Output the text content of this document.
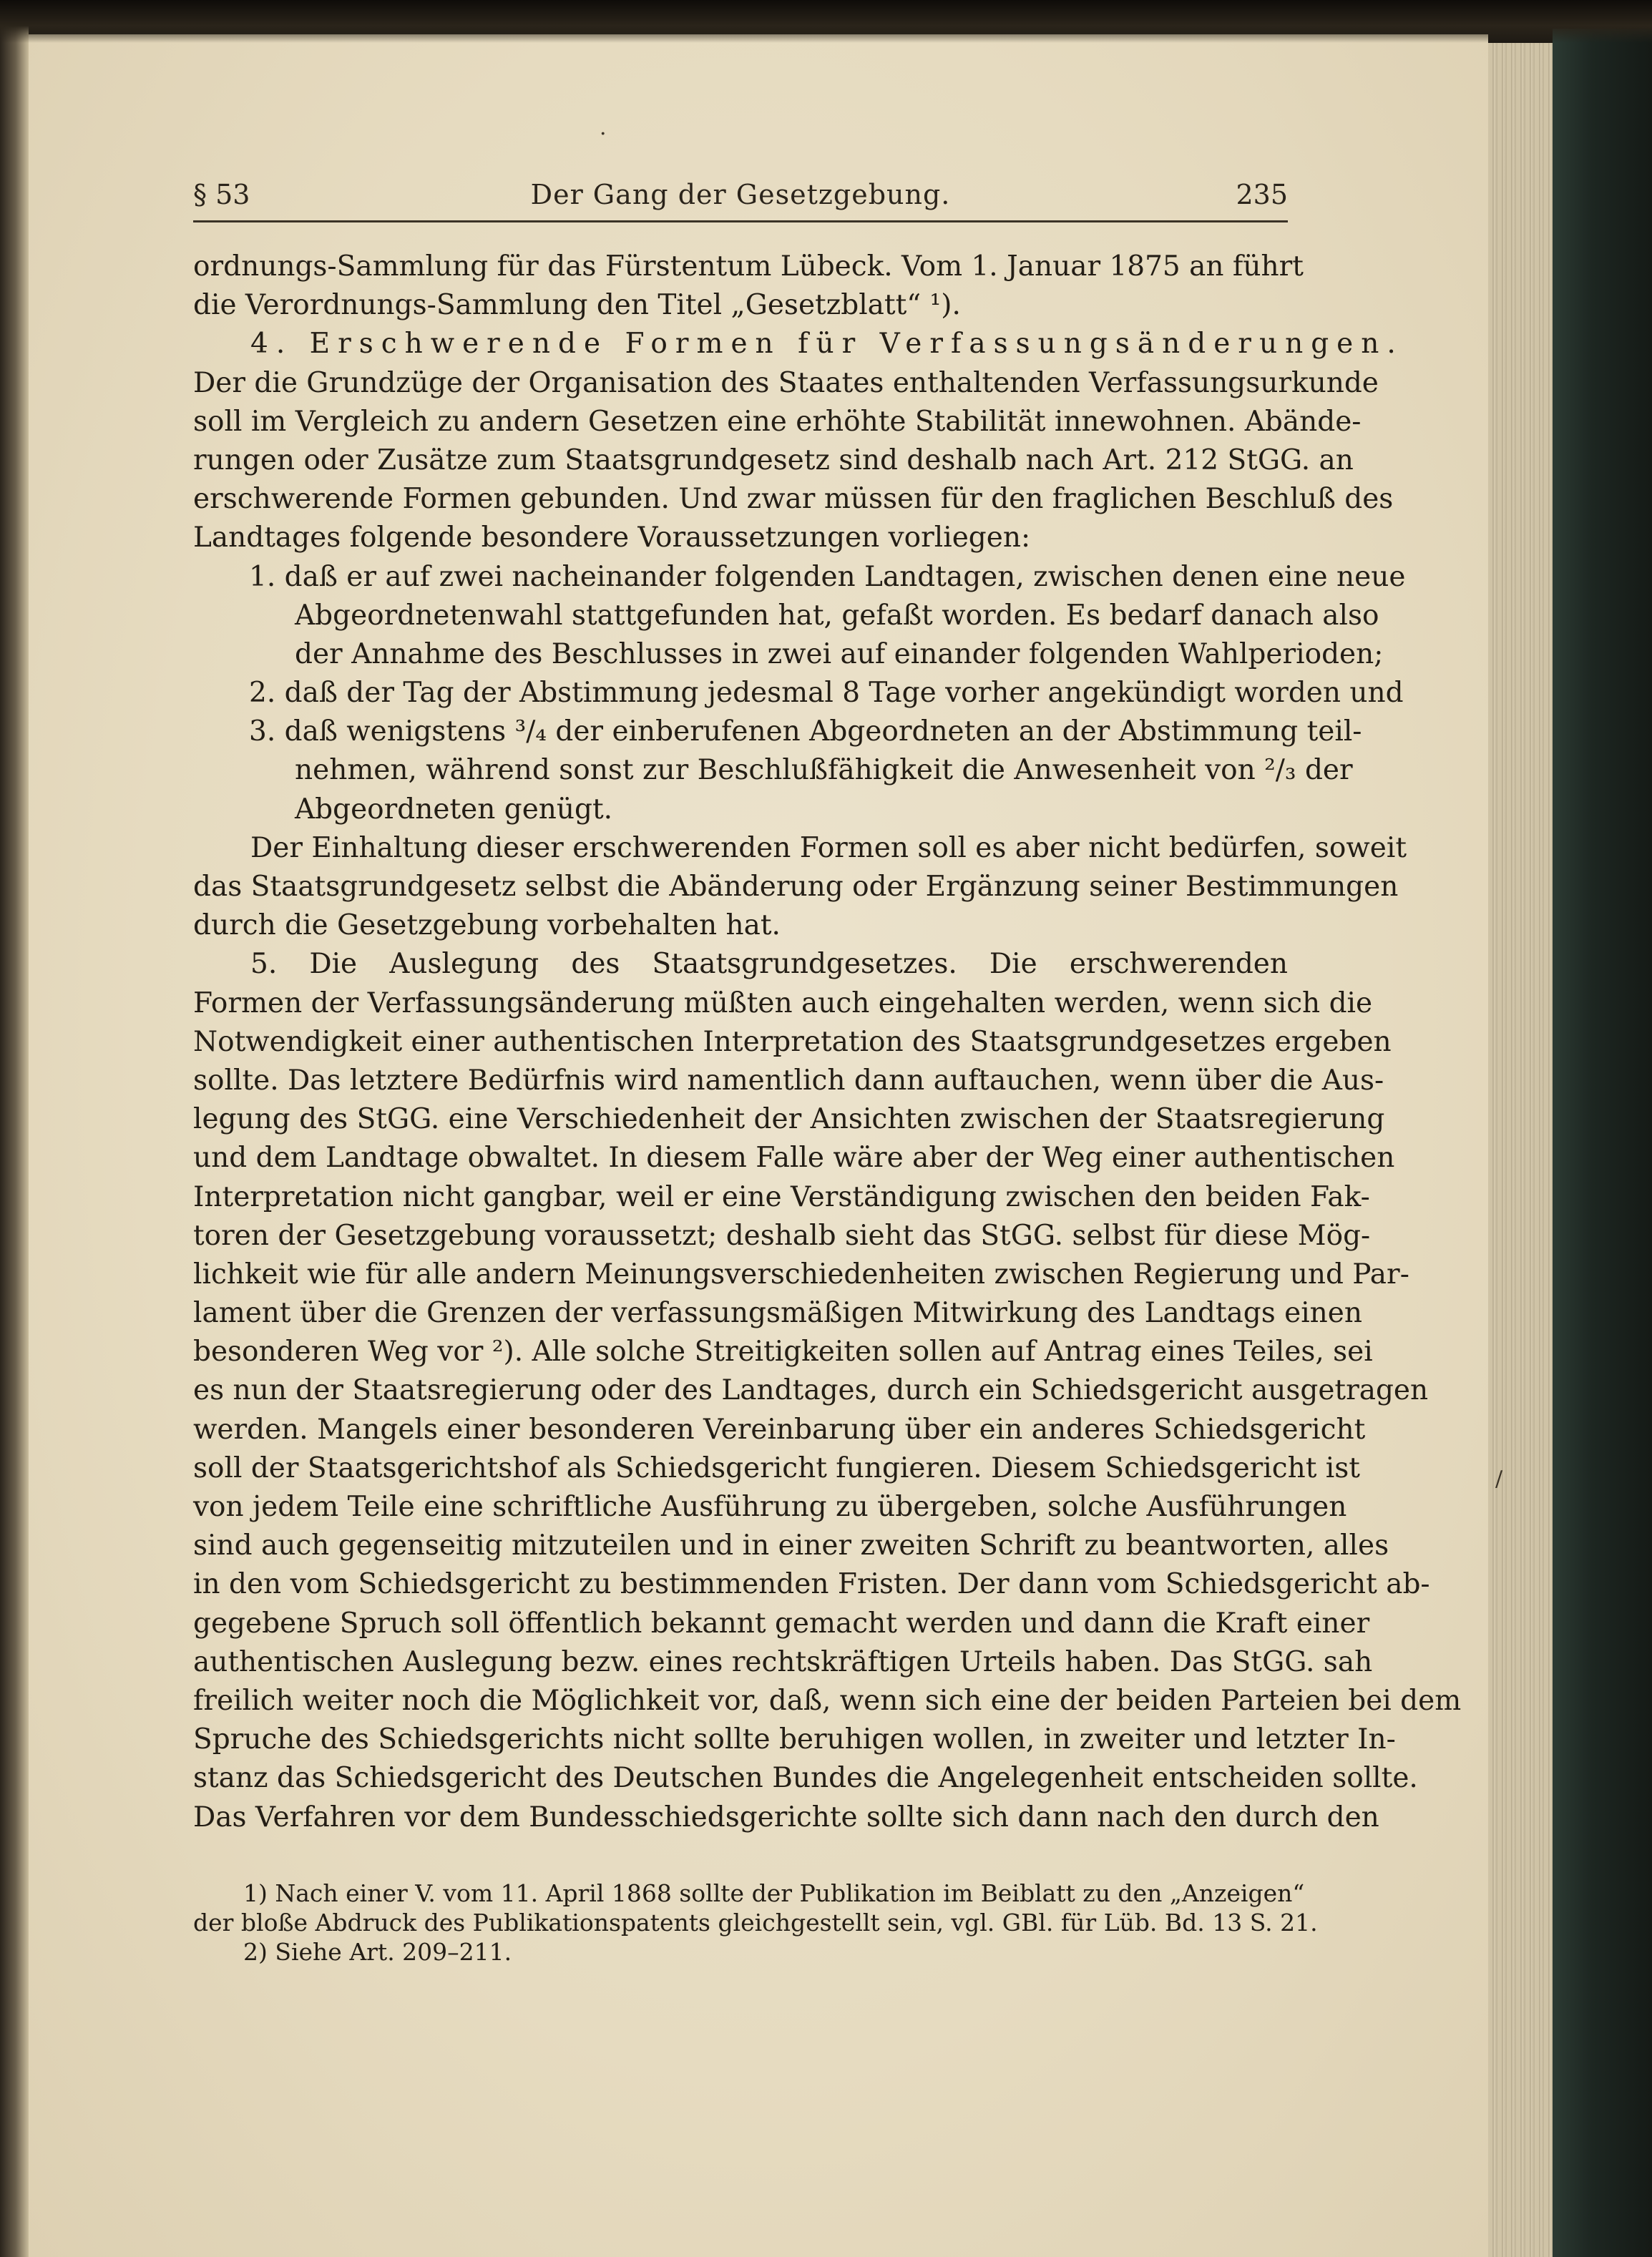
§ 53	Der Gang der Gesetzgebung.	235
ordnungs-Sammlung für das Fürstentum Lübeck. Vom 1. Januar 1875 an führt
die Verordnungs-Sammlung den Titel „Gesetzblatt“ ¹).
4. Erschwerende Formen für Verfassungsänderungen.
Der die Grundzüge der Organisation des Staates enthaltenden Verfassungsurkunde
soll im Vergleich zu andern Gesetzen eine erhöhte Stabilität innewohnen. Abände-
rungen oder Zusätze zum Staatsgrundgesetz sind deshalb nach Art. 212 StGG. an
erschwerende Formen gebunden. Und zwar müssen für den fraglichen Beschluß des
Landtages folgende besondere Voraussetzungen vorliegen:
1. daß er auf zwei nacheinander folgenden Landtagen, zwischen denen eine neue
Abgeordnetenwahl stattgefunden hat, gefaßt worden. Es bedarf danach also
der Annahme des Beschlusses in zwei auf einander folgenden Wahlperioden;
2. daß der Tag der Abstimmung jedesmal 8 Tage vorher angekündigt worden und
3. daß wenigstens ³/₄ der einberufenen Abgeordneten an der Abstimmung teil-
nehmen, während sonst zur Beschlußfähigkeit die Anwesenheit von ²/₃ der
Abgeordneten genügt.
Der Einhaltung dieser erschwerenden Formen soll es aber nicht bedürfen, soweit
das Staatsgrundgesetz selbst die Abänderung oder Ergänzung seiner Bestimmungen
durch die Gesetzgebung vorbehalten hat.
5. Die Auslegung des Staatsgrundgesetzes. Die erschwerenden
Formen der Verfassungsänderung müßten auch eingehalten werden, wenn sich die
Notwendigkeit einer authentischen Interpretation des Staatsgrundgesetzes ergeben
sollte. Das letztere Bedürfnis wird namentlich dann auftauchen, wenn über die Aus-
legung des StGG. eine Verschiedenheit der Ansichten zwischen der Staatsregierung
und dem Landtage obwaltet. In diesem Falle wäre aber der Weg einer authentischen
Interpretation nicht gangbar, weil er eine Verständigung zwischen den beiden Fak-
toren der Gesetzgebung voraussetzt; deshalb sieht das StGG. selbst für diese Mög-
lichkeit wie für alle andern Meinungsverschiedenheiten zwischen Regierung und Par-
lament über die Grenzen der verfassungsmäßigen Mitwirkung des Landtags einen
besonderen Weg vor ²). Alle solche Streitigkeiten sollen auf Antrag eines Teiles, sei
es nun der Staatsregierung oder des Landtages, durch ein Schiedsgericht ausgetragen
werden. Mangels einer besonderen Vereinbarung über ein anderes Schiedsgericht
soll der Staatsgerichtshof als Schiedsgericht fungieren. Diesem Schiedsgericht ist
von jedem Teile eine schriftliche Ausführung zu übergeben, solche Ausführungen
sind auch gegenseitig mitzuteilen und in einer zweiten Schrift zu beantworten, alles
in den vom Schiedsgericht zu bestimmenden Fristen. Der dann vom Schiedsgericht ab-
gegebene Spruch soll öffentlich bekannt gemacht werden und dann die Kraft einer
authentischen Auslegung bezw. eines rechtskräftigen Urteils haben. Das StGG. sah
freilich weiter noch die Möglichkeit vor, daß, wenn sich eine der beiden Parteien bei dem
Spruche des Schiedsgerichts nicht sollte beruhigen wollen, in zweiter und letzter In-
stanz das Schiedsgericht des Deutschen Bundes die Angelegenheit entscheiden sollte.
Das Verfahren vor dem Bundesschiedsgerichte sollte sich dann nach den durch den
1) Nach einer V. vom 11. April 1868 sollte der Publikation im Beiblatt zu den „Anzeigen“
der bloße Abdruck des Publikationspatents gleichgestellt sein, vgl. GBl. für Lüb. Bd. 13 S. 21.
2) Siehe Art. 209–211.
·
/
